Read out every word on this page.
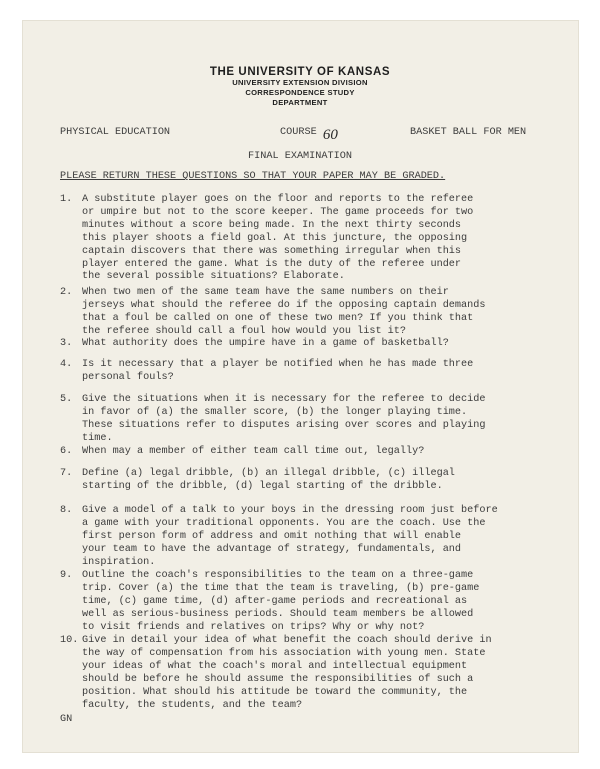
THE UNIVERSITY OF KANSAS
UNIVERSITY EXTENSION DIVISION
CORRESPONDENCE STUDY
DEPARTMENT

PHYSICAL EDUCATION

	COURSE 60

	BASKET BALL FOR MEN

FINAL EXAMINATION
PLEASE RETURN THESE QUESTIONS SO THAT YOUR PAPER MAY BE GRADED.
1. A substitute player goes on the floor and reports to the referee
or umpire but not to the score keeper. The game proceeds for two
minutes without a score being made. In the next thirty seconds
this player shoots a field goal. At this juncture, the opposing
captain discovers that there was something irregular when this
player entered the game. What is the duty of the referee under
the several possible situations? Elaborate.
2. When two men of the same team have the same numbers on their
jerseys what should the referee do if the opposing captain demands
that a foul be called on one of these two men? If you think that
the referee should call a foul how would you list it?
3. What authority does the umpire have in a game of basketball?
4. Is it necessary that a player be notified when he has made three
personal fouls?
5. Give the situations when it is necessary for the referee to decide
in favor of (a) the smaller score, (b) the longer playing time.
These situations refer to disputes arising over scores and playing
time.
6. When may a member of either team call time out, legally?
7. Define (a) legal dribble, (b) an illegal dribble, (c) illegal
starting of the dribble, (d) legal starting of the dribble.
8. Give a model of a talk to your boys in the dressing room just before
a game with your traditional opponents. You are the coach. Use the
first person form of address and omit nothing that will enable
your team to have the advantage of strategy, fundamentals, and
inspiration.
9. Outline the coach's responsibilities to the team on a three-game
trip. Cover (a) the time that the team is traveling, (b) pre-game
time, (c) game time, (d) after-game periods and recreational as
well as serious-business periods. Should team members be allowed
to visit friends and relatives on trips? Why or why not?
10. Give in detail your idea of what benefit the coach should derive in
the way of compensation from his association with young men. State
your ideas of what the coach's moral and intellectual equipment
should be before he should assume the responsibilities of such a
position. What should his attitude be toward the community, the
faculty, the students, and the team?
GN
